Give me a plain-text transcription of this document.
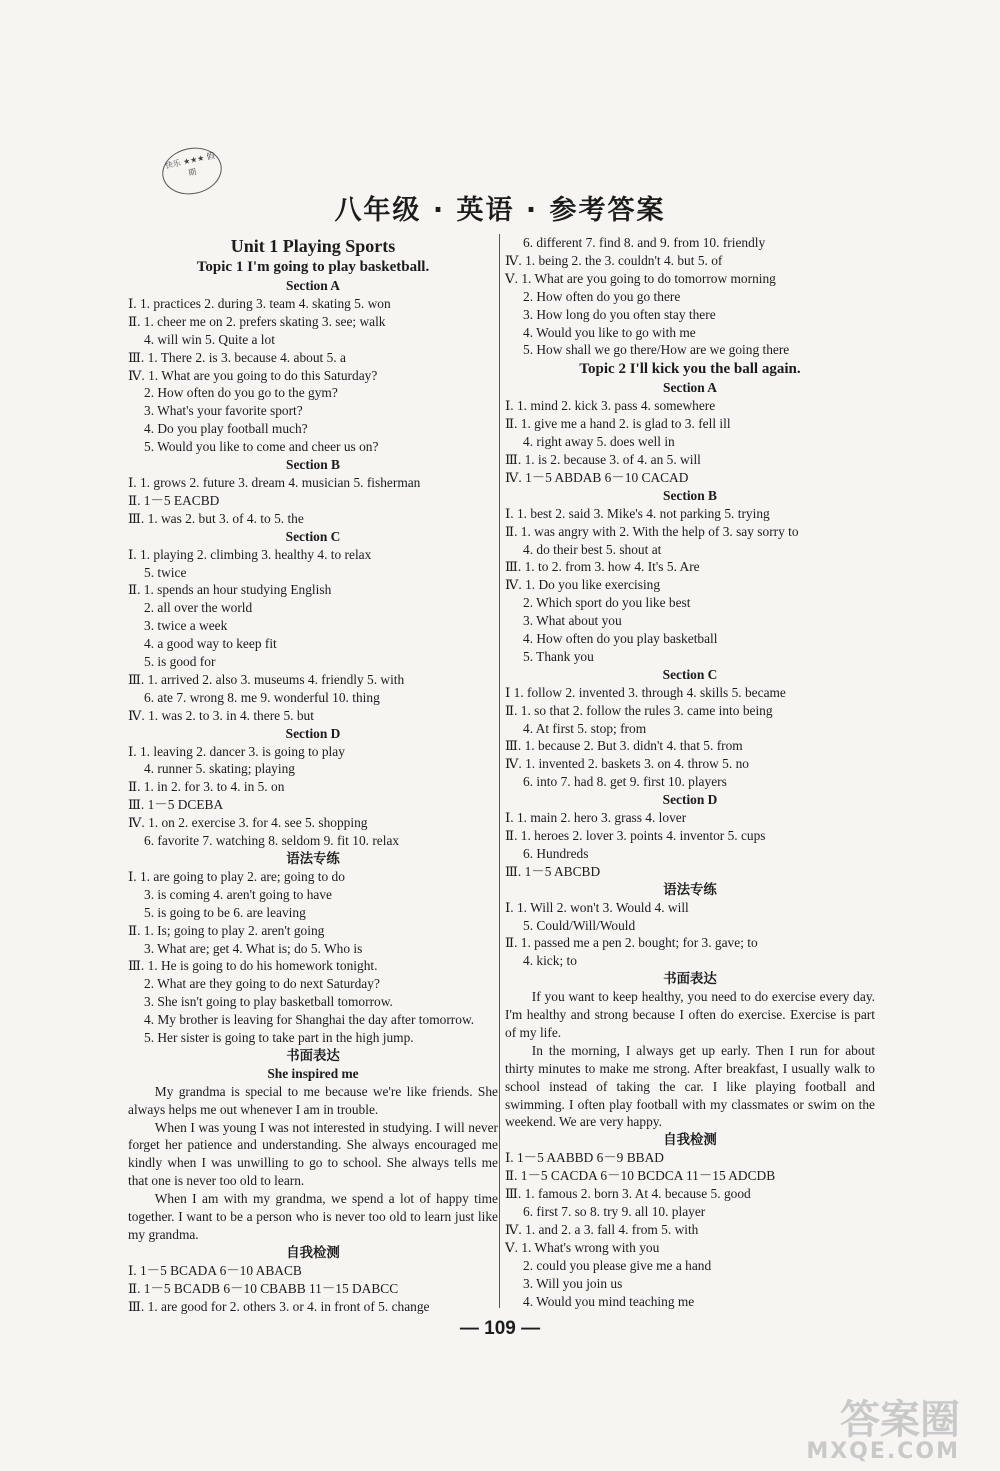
快乐 ★★★ 假期
八年级 · 英语 · 参考答案
Unit 1 Playing Sports
Topic 1 I'm going to play basketball.
Section A
Ⅰ. 1. practices 2. during 3. team 4. skating 5. won
Ⅱ. 1. cheer me on 2. prefers skating 3. see; walk
4. will win 5. Quite a lot
Ⅲ. 1. There 2. is 3. because 4. about 5. a
Ⅳ. 1. What are you going to do this Saturday?
2. How often do you go to the gym?
3. What's your favorite sport?
4. Do you play football much?
5. Would you like to come and cheer us on?
Section B
Ⅰ. 1. grows 2. future 3. dream 4. musician 5. fisherman
Ⅱ. 1－5 EACBD
Ⅲ. 1. was 2. but 3. of 4. to 5. the
Section C
Ⅰ. 1. playing 2. climbing 3. healthy 4. to relax
5. twice
Ⅱ. 1. spends an hour studying English
2. all over the world
3. twice a week
4. a good way to keep fit
5. is good for
Ⅲ. 1. arrived 2. also 3. museums 4. friendly 5. with
6. ate 7. wrong 8. me 9. wonderful 10. thing
Ⅳ. 1. was 2. to 3. in 4. there 5. but
Section D
Ⅰ. 1. leaving 2. dancer 3. is going to play
4. runner 5. skating; playing
Ⅱ. 1. in 2. for 3. to 4. in 5. on
Ⅲ. 1－5 DCEBA
Ⅳ. 1. on 2. exercise 3. for 4. see 5. shopping
6. favorite 7. watching 8. seldom 9. fit 10. relax
语法专练
Ⅰ. 1. are going to play 2. are; going to do
3. is coming 4. aren't going to have
5. is going to be 6. are leaving
Ⅱ. 1. Is; going to play 2. aren't going
3. What are; get 4. What is; do 5. Who is
Ⅲ. 1. He is going to do his homework tonight.
2. What are they going to do next Saturday?
3. She isn't going to play basketball tomorrow.
4. My brother is leaving for Shanghai the day after tomorrow.
5. Her sister is going to take part in the high jump.
书面表达
She inspired me
My grandma is special to me because we're like friends. She always helps me out whenever I am in trouble.
When I was young I was not interested in studying. I will never forget her patience and understanding. She always encouraged me kindly when I was unwilling to go to school. She always tells me that one is never too old to learn.
When I am with my grandma, we spend a lot of happy time together. I want to be a person who is never too old to learn just like my grandma.
自我检测
Ⅰ. 1－5 BCADA 6－10 ABACB
Ⅱ. 1－5 BCADB 6－10 CBABB 11－15 DABCC
Ⅲ. 1. are good for 2. others 3. or 4. in front of 5. change
6. different 7. find 8. and 9. from 10. friendly
Ⅳ. 1. being 2. the 3. couldn't 4. but 5. of
Ⅴ. 1. What are you going to do tomorrow morning
2. How often do you go there
3. How long do you often stay there
4. Would you like to go with me
5. How shall we go there/How are we going there
Topic 2 I'll kick you the ball again.
Section A
Ⅰ. 1. mind 2. kick 3. pass 4. somewhere
Ⅱ. 1. give me a hand 2. is glad to 3. fell ill
4. right away 5. does well in
Ⅲ. 1. is 2. because 3. of 4. an 5. will
Ⅳ. 1－5 ABDAB 6－10 CACAD
Section B
Ⅰ. 1. best 2. said 3. Mike's 4. not parking 5. trying
Ⅱ. 1. was angry with 2. With the help of 3. say sorry to
4. do their best 5. shout at
Ⅲ. 1. to 2. from 3. how 4. It's 5. Are
Ⅳ. 1. Do you like exercising
2. Which sport do you like best
3. What about you
4. How often do you play basketball
5. Thank you
Section C
Ⅰ 1. follow 2. invented 3. through 4. skills 5. became
Ⅱ. 1. so that 2. follow the rules 3. came into being
4. At first 5. stop; from
Ⅲ. 1. because 2. But 3. didn't 4. that 5. from
Ⅳ. 1. invented 2. baskets 3. on 4. throw 5. no
6. into 7. had 8. get 9. first 10. players
Section D
Ⅰ. 1. main 2. hero 3. grass 4. lover
Ⅱ. 1. heroes 2. lover 3. points 4. inventor 5. cups
6. Hundreds
Ⅲ. 1－5 ABCBD
语法专练
Ⅰ. 1. Will 2. won't 3. Would 4. will
5. Could/Will/Would
Ⅱ. 1. passed me a pen 2. bought; for 3. gave; to
4. kick; to
书面表达
If you want to keep healthy, you need to do exercise every day. I'm healthy and strong because I often do exercise. Exercise is part of my life.
In the morning, I always get up early. Then I run for about thirty minutes to make me strong. After breakfast, I usually walk to school instead of taking the car. I like playing football and swimming. I often play football with my classmates or swim on the weekend. We are very happy.
自我检测
Ⅰ. 1－5 AABBD 6－9 BBAD
Ⅱ. 1－5 CACDA 6－10 BCDCA 11－15 ADCDB
Ⅲ. 1. famous 2. born 3. At 4. because 5. good
6. first 7. so 8. try 9. all 10. player
Ⅳ. 1. and 2. a 3. fall 4. from 5. with
Ⅴ. 1. What's wrong with you
2. could you please give me a hand
3. Will you join us
4. Would you mind teaching me
— 109 —
答案圈
MXQE.COM
